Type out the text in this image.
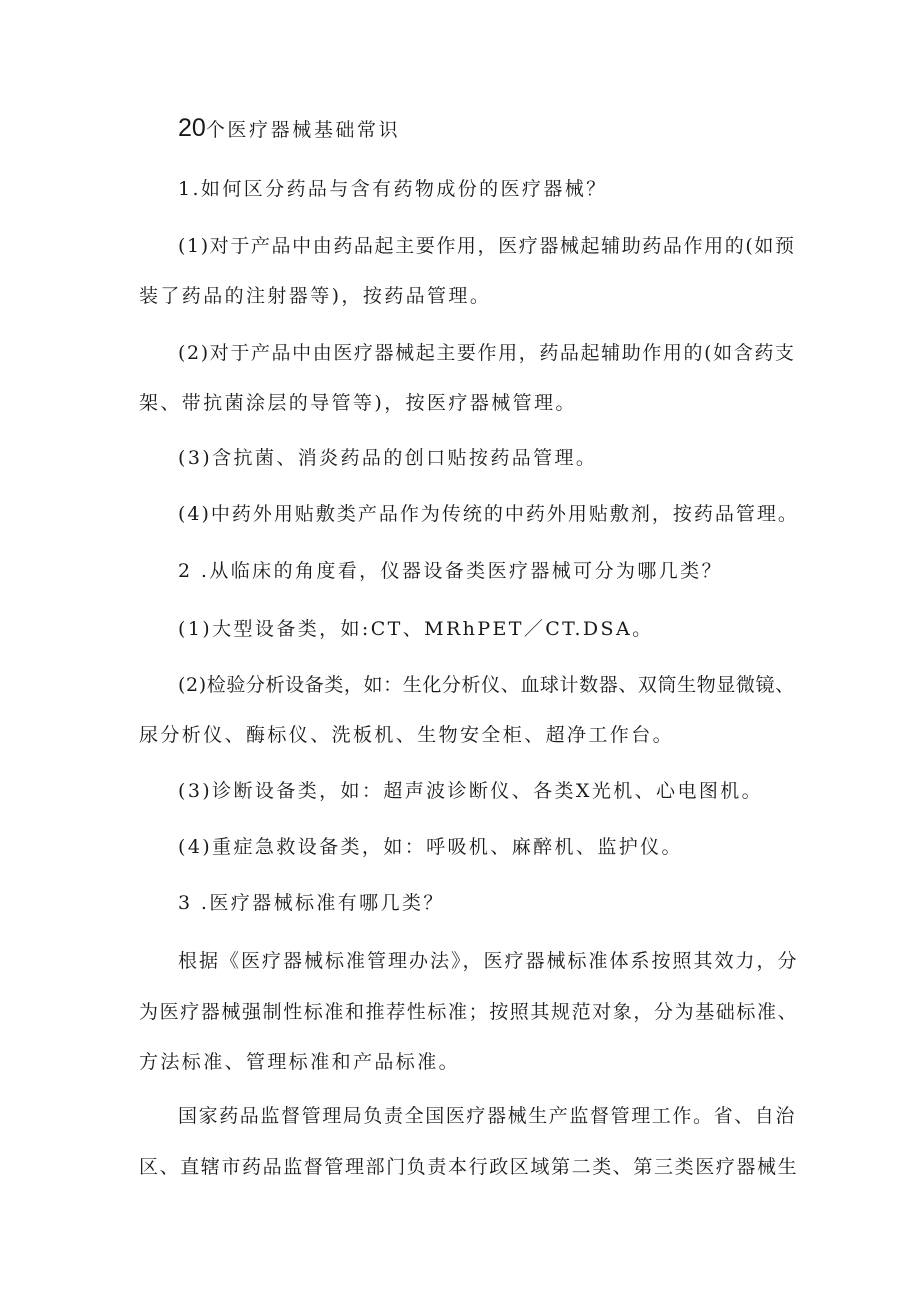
20个医疗器械基础常识
1.如何区分药品与含有药物成份的医疗器械？
(1)对于产品中由药品起主要作用，医疗器械起辅助药品作用的(如预
装了药品的注射器等)，按药品管理。
(2)对于产品中由医疗器械起主要作用，药品起辅助作用的(如含药支
架、带抗菌涂层的导管等)，按医疗器械管理。
(3)含抗菌、消炎药品的创口贴按药品管理。
(4)中药外用贴敷类产品作为传统的中药外用贴敷剂，按药品管理。
2 .从临床的角度看，仪器设备类医疗器械可分为哪几类？
(1)大型设备类，如:CT、MRhPET／CT.DSA。
(2)检验分析设备类，如：生化分析仪、血球计数器、双筒生物显微镜、
尿分析仪、酶标仪、洗板机、生物安全柜、超净工作台。
(3)诊断设备类，如：超声波诊断仪、各类X光机、心电图机。
(4)重症急救设备类，如：呼吸机、麻醉机、监护仪。
3 .医疗器械标准有哪几类？
根据《医疗器械标准管理办法》，医疗器械标准体系按照其效力，分
为医疗器械强制性标准和推荐性标准；按照其规范对象，分为基础标准、
方法标准、管理标准和产品标准。
国家药品监督管理局负责全国医疗器械生产监督管理工作。省、自治
区、直辖市药品监督管理部门负责本行政区域第二类、第三类医疗器械生
